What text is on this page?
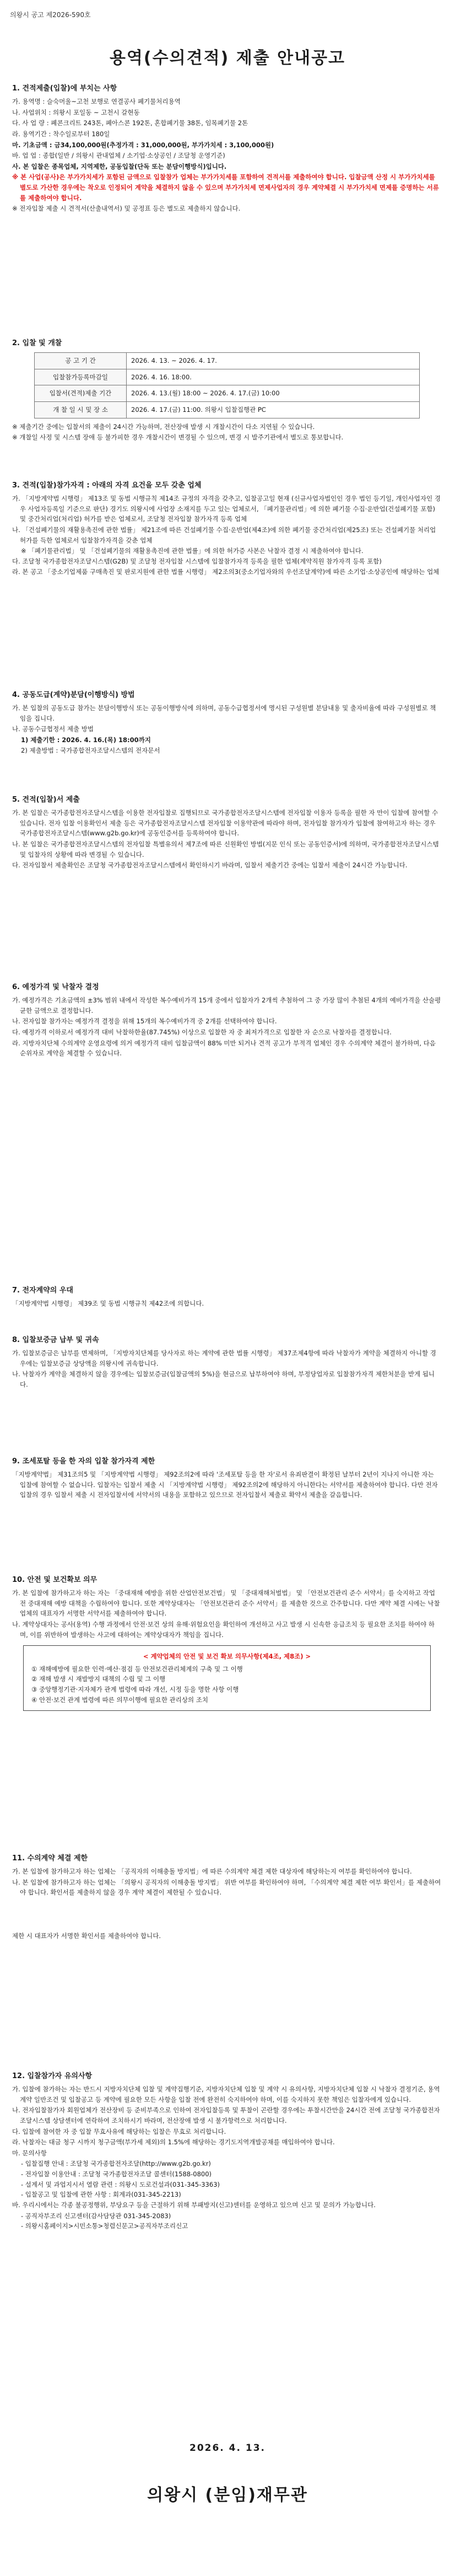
의왕시 공고 제2026-590호
용역(수의견적) 제출 안내공고
1. 견적제출(입찰)에 부치는 사항
가. 용역명 : 슬숙머울~고천 보행로 연결공사 폐기물처리용역
나. 사업위치 : 의왕시 포일동 ~ 고천시 갈현동
다. 사 업 량 : 폐콘크리트 243톤, 폐아스콘 192톤, 혼합폐기물 38톤, 임목폐기물 2톤
라. 용역기간 : 착수일로부터 180일
마. 기초금액 : 금34,100,000원(추정가격 : 31,000,000원, 부가가치세 : 3,100,000원)
바. 업 업 : 종합(일반 / 의왕시 관내업체 / 소기업·소상공인 / 조달청 운영기준)
사. 본 입찰은 종목업체, 지역제한, 공동입찰(단독 또는 분담이행방식)입니다.
※ 본 사업(공사)은 부가가치세가 포함된 금액으로 입찰참가 업체는 부가가치세를 포함하여 견적서를 제출하여야 합니다. 입찰금액 산정 시 부가가치세를 별도로 가산한 경우에는 착오로 인정되어 계약을 체결하지 않을 수 있으며 부가가치세 면제사업자의 경우 계약체결 시 부가가치세 면제를 증명하는 서류를 제출하여야 합니다.
※ 전자입찰 제출 시 견적서(산출내역서) 및 공정표 등은 별도로 제출하지 않습니다.
2. 입찰 및 개찰
공 고 기 간	2026. 4. 13. ~ 2026. 4. 17.
입찰참가등록마감일	2026. 4. 16. 18:00.
입찰서(견적)제출 기간	2026. 4. 13.(월) 18:00 ~ 2026. 4. 17.(금) 10:00
개 찰 일 시 및 장 소	2026. 4. 17.(금) 11:00. 의왕시 입찰집행관 PC
※ 제출기간 중에는 입찰서의 제출이 24시간 가능하며, 전산장애 발생 시 개찰시간이 다소 지연될 수 있습니다.
※ 개찰일 사정 및 시스템 장애 등 불가피한 경우 개찰시간이 변경될 수 있으며, 변경 시 발주기관에서 별도로 통보합니다.
3. 견적(입찰)참가자격 : 아래의 자격 요건을 모두 갖춘 업체
가. 「지방계약법 시행령」 제13조 및 동법 시행규칙 제14조 규정의 자격을 갖추고, 입찰공고일 현재 (신규사업자법인인 경우 법인 등기일, 개인사업자인 경우 사업자등록일 기준으로 판단) 경기도 의왕시에 사업장 소재지를 두고 있는 업체로서, 「폐기물관리법」에 의한 폐기물 수집·운반업(건설폐기물 포함) 및 중간처리업(처리업) 허가를 받은 업체로서, 조달청 전자입찰 참가자격 등록 업체
나. 「건설폐기물의 재활용촉진에 관한 법률」 제21조에 따른 건설폐기물 수집·운반업(제4조)에 의한 폐기물 중간처리업(제25조) 또는 건설폐기물 처리업 허가를 득한 업체로서 입찰참가자격을 갖춘 업체
※ 「폐기물관리법」 및 「건설폐기물의 재활용촉진에 관한 법률」에 의한 허가증 사본은 낙찰자 결정 시 제출하여야 합니다.
다. 조달청 국가종합전자조달시스템(G2B) 및 조달청 전자입찰 시스템에 입찰참가자격 등록을 필한 업체(계약직원 참가자격 등록 포함)
라. 본 공고 「중소기업제품 구매촉진 및 판로지원에 관한 법률 시행령」 제2조의3(중소기업자와의 우선조달계약)에 따른 소기업·소상공인에 해당하는 업체
4. 공동도급(계약)분담(이행방식) 방법
가. 본 입찰의 공동도급 참가는 분담이행방식 또는 공동이행방식에 의하며, 공동수급협정서에 명시된 구성원별 분담내용 및 출자비율에 따라 구성원별로 책임을 집니다.
나. 공동수급협정서 제출 방법
1) 제출기한 : 2026. 4. 16.(목) 18:00까지
2) 제출방법 : 국가종합전자조달시스템의 전자문서
5. 견적(입찰)서 제출
가. 본 입찰은 국가종합전자조달시스템을 이용한 전자입찰로 집행되므로 국가종합전자조달시스템에 전자입찰 이용자 등록을 필한 자 만이 입찰에 참여할 수 있습니다. 전자 입찰 이용확인서 제출 등은 국가종합전자조달시스템 전자입찰 이용약관에 따라야 하며, 전자입찰 참가자가 입찰에 참여하고자 하는 경우 국가종합전자조달시스템(www.g2b.go.kr)에 공동인증서를 등록하여야 합니다.
나. 본 입찰은 국가종합전자조달시스템의 전자입찰 특별유의서 제7조에 따른 신원확인 방법(지문 인식 또는 공동인증서)에 의하며, 국가종합전자조달시스템 및 입찰자의 상황에 따라 변경될 수 있습니다.
다. 전자입찰서 제출확인은 조달청 국가종합전자조달시스템에서 확인하시기 바라며, 입찰서 제출기간 중에는 입찰서 제출이 24시간 가능합니다.
6. 예정가격 및 낙찰자 결정
가. 예정가격은 기초금액의 ±3% 범위 내에서 작성한 복수예비가격 15개 중에서 입찰자가 2개씩 추첨하여 그 중 가장 많이 추첨된 4개의 예비가격을 산술평균한 금액으로 결정합니다.
나. 전자입찰 참가자는 예정가격 결정을 위해 15개의 복수예비가격 중 2개를 선택하여야 합니다.
다. 예정가격 이하로서 예정가격 대비 낙찰하한율(87.745%) 이상으로 입찰한 자 중 최저가격으로 입찰한 자 순으로 낙찰자를 결정합니다.
라. 지방자치단체 수의계약 운영요령에 의거 예정가격 대비 입찰금액이 88% 미만 되거나 견적 공고가 부적격 업체인 경우 수의계약 체결이 불가하며, 다음 순위자로 계약을 체결할 수 있습니다.
7. 전자계약의 우대
「지방계약법 시행령」 제39조 및 동법 시행규칙 제42조에 의합니다.
8. 입찰보증금 납부 및 귀속
가. 입찰보증금은 납부를 면제하며, 「지방자치단체를 당사자로 하는 계약에 관한 법률 시행령」 제37조제4항에 따라 낙찰자가 계약을 체결하지 아니할 경우에는 입찰보증금 상당액을 의왕시에 귀속합니다.
나. 낙찰자가 계약을 체결하지 않을 경우에는 입찰보증금(입찰금액의 5%)을 현금으로 납부하여야 하며, 부정당업자로 입찰참가자격 제한처분을 받게 됩니다.
9. 조세포탈 등을 한 자의 입찰 참가자격 제한
「지방계약법」 제31조의5 및 「지방계약법 시행령」 제92조의2에 따라 '조세포탈 등을 한 자'로서 유죄판결이 확정된 날부터 2년이 지나지 아니한 자는 입찰에 참여할 수 없습니다. 입찰자는 입찰서 제출 시 「지방계약법 시행령」 제92조의2에 해당하지 아니한다는 서약서를 제출하여야 합니다. 다만 전자입찰의 경우 입찰서 제출 시 전자입찰서에 서약서의 내용을 포함하고 있으므로 전자입찰서 제출로 확약서 제출을 갈음합니다.
10. 안전 및 보건확보 의무
가. 본 입찰에 참가하고자 하는 자는 「중대재해 예방을 위한 산업안전보건법」 및 「중대재해처벌법」 및 「안전보건관리 준수 서약서」를 숙지하고 작업 전 중대재해 예방 대책을 수립하여야 합니다. 또한 계약상대자는 「안전보건관리 준수 서약서」를 제출한 것으로 간주합니다. 다만 계약 체결 시에는 낙찰업체의 대표자가 서명한 서약서를 제출하여야 합니다.
나. 계약상대자는 공사(용역) 수행 과정에서 안전·보건 상의 유해·위험요인을 확인하여 개선하고 사고 발생 시 신속한 응급조치 등 필요한 조치를 하여야 하며, 이를 위반하여 발생하는 사고에 대하여는 계약상대자가 책임을 집니다.
< 계약업체의 안전 및 보건 확보 의무사항(제4조, 제8조) >
① 재해예방에 필요한 인력·예산·점검 등 안전보건관리체계의 구축 및 그 이행
② 재해 발생 시 재발방지 대책의 수립 및 그 이행
③ 중앙행정기관·지자체가 관계 법령에 따라 개선, 시정 등을 명한 사항 이행
④ 안전·보건 관계 법령에 따른 의무이행에 필요한 관리상의 조치
11. 수의계약 체결 제한
가. 본 입찰에 참가하고자 하는 업체는 「공직자의 이해충돌 방지법」에 따른 수의계약 체결 제한 대상자에 해당하는지 여부를 확인하여야 합니다.
나. 본 입찰에 참가하고자 하는 업체는 「의왕시 공직자의 이해충돌 방지법」 위반 여부를 확인하여야 하며, 「수의계약 체결 제한 여부 확인서」를 제출하여야 합니다. 확인서를 제출하지 않을 경우 계약 체결이 제한될 수 있습니다.
제한 시 대표자가 서명한 확인서를 제출하여야 합니다.
12. 입찰참가자 유의사항
가. 입찰에 참가하는 자는 반드시 지방자치단체 입찰 및 계약집행기준, 지방자치단체 입찰 및 계약 시 유의사항, 지방자치단체 입찰 시 낙찰자 결정기준, 용역계약 일반조건 및 입찰공고 등 계약에 필요한 모든 사항을 입찰 전에 완전히 숙지하여야 하며, 이를 숙지하지 못한 책임은 입찰자에게 있습니다.
나. 전자입찰참가자 회원업체가 전산장비 등 준비부족으로 인하여 전자입찰등록 및 투찰이 곤란할 경우에는 투찰시간만을 24시간 전에 조달청 국가종합전자조달시스템 상담센터에 연락하여 조치하시기 바라며, 전산장애 발생 시 불가항력으로 처리합니다.
다. 입찰에 참여한 자 중 입찰 무효사유에 해당하는 입찰은 무효로 처리합니다.
라. 낙찰자는 대금 청구 시까지 청구금액(부가세 제외)의 1.5%에 해당하는 경기도지역개발공채를 매입하여야 합니다.
마. 문의사항
- 입찰집행 안내 : 조달청 국가종합전자조달(http://www.g2b.go.kr)
- 전자입찰 이용안내 : 조달청 국가종합전자조달 콜센터(1588-0800)
- 설계서 및 과업지시서 열람 관련 : 의왕시 도로건설과(031-345-3363)
- 입찰공고 및 입찰에 관한 사항 : 회계과(031-345-2213)
바. 우리시에서는 각종 불공정행위, 부당요구 등을 근절하기 위해 부패방지(신고)센터를 운영하고 있으며 신고 및 문의가 가능합니다.
- 공직자부조리 신고센터(감사담당관 031-345-2083)
- 의왕시홈페이지>시민소통>청렴신문고>공직자부조리신고
2026. 4. 13.
의왕시 (분임)재무관
